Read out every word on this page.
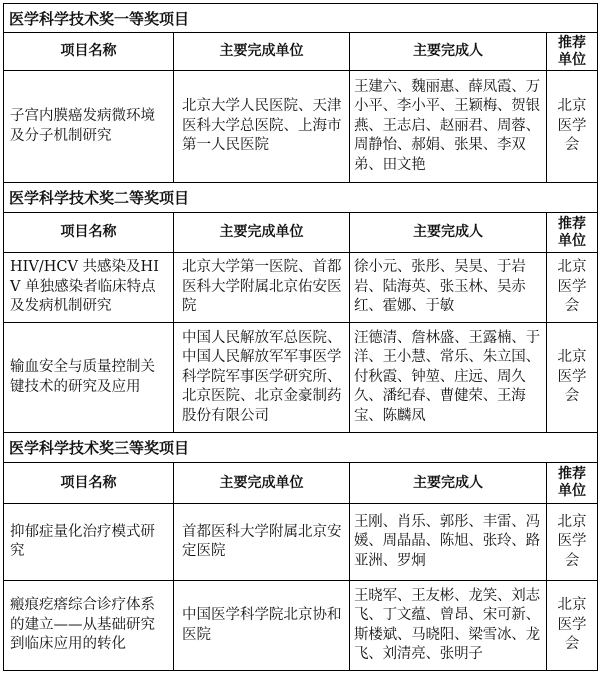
医学科学技术奖一等奖项目			
项目名称	主要完成单位	主要完成人	推荐单位

子宫内膜癌发病微环境及分子机制研究	北京大学人民医院、天津医科大学总医院、上海市第一人民医院	王建六、魏丽惠、薛凤霞、万小平、李小平、王颖梅、贺银燕、王志启、赵丽君、周蓉、周静怡、郝娟、张果、李双弟、田文艳	北京医学会
医学科学技术奖二等奖项目			
项目名称	主要完成单位	主要完成人	推荐单位

HIV/HCV 共感染及HIV 单独感染者临床特点及发病机制研究	北京大学第一医院、首都医科大学附属北京佑安医院	徐小元、张彤、吴昊、于岩岩、陆海英、张玉林、吴赤红、霍娜、于敏	北京医学会

输血安全与质量控制关键技术的研究及应用	中国人民解放军总医院、中国人民解放军军事医学科学院军事医学研究所、北京医院、北京金豪制药股份有限公司	汪德清、詹林盛、王露楠、于洋、王小慧、常乐、朱立国、付秋霞、钟堃、庄远、周久久、潘纪春、曹健荣、王海宝、陈麟凤	北京医学会
医学科学技术奖三等奖项目			
项目名称	主要完成单位	主要完成人	推荐单位

抑郁症量化治疗模式研究	首都医科大学附属北京安定医院	王刚、肖乐、郭彤、丰雷、冯媛、周晶晶、陈旭、张玲、路亚洲、罗炯	北京医学会

瘢痕疙瘩综合诊疗体系的建立——从基础研究到临床应用的转化	中国医学科学院北京协和医院	王晓军、王友彬、龙笑、刘志飞、丁文蕴、曾昂、宋可新、斯楼斌、马晓阳、梁雪冰、龙飞、刘清亮、张明子	北京医学会
